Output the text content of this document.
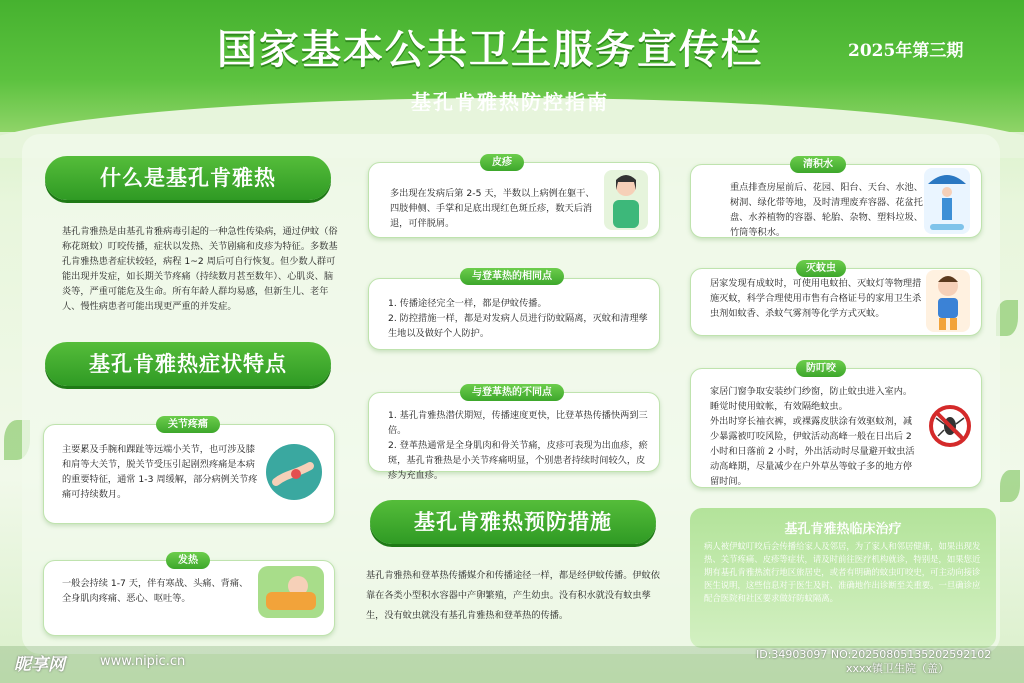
国家基本公共卫生服务宣传栏	2025年第三期
基孔肯雅热防控指南
什么是基孔肯雅热
基孔肯雅热是由基孔肯雅病毒引起的一种急性传染病，通过伊蚊（俗称花斑蚊）叮咬传播，症状以发热、关节剧痛和皮疹为特征。多数基孔肯雅热患者症状较轻，病程 1~2 周后可自行恢复。但少数人群可能出现并发症，如长期关节疼痛（持续数月甚至数年）、心肌炎、脑炎等，严重可能危及生命。所有年龄人群均易感，但新生儿、老年人、慢性病患者可能出现更严重的并发症。
基孔肯雅热症状特点
关节疼痛
主要累及手腕和踝趾等远端小关节，也可涉及膝和肩等大关节，脱关节受压引起剧烈疼痛是本病的重要特征，通常 1-3 周缓解，部分病例关节疼痛可持续数月。
发热
一般会持续 1-7 天，伴有寒战、头痛、背痛、全身肌肉疼痛、恶心、呕吐等。
皮疹
多出现在发病后第 2-5 天，半数以上病例在躯干、四肢伸侧、手掌和足底出现红色斑丘疹，数天后消退，可伴脱屑。
与登革热的相同点
1. 传播途径完全一样，都是伊蚊传播。
2. 防控措施一样，都是对发病人员进行防蚊隔离，灭蚊和清理孳生地以及做好个人防护。
与登革热的不同点
1. 基孔肯雅热潜伏期短，传播速度更快，比登革热传播快两到三倍。
2. 登革热通常是全身肌肉和骨关节痛，皮疹可表现为出血疹，瘀斑，基孔肯雅热是小关节疼痛明显，个别患者持续时间较久，皮疹为充血疹。
基孔肯雅热预防措施
基孔肯雅热和登革热传播媒介和传播途径一样，都是经伊蚊传播。伊蚊依靠在各类小型积水容器中产卵繁殖，产生幼虫。没有积水就没有蚊虫孳生，没有蚊虫就没有基孔肯雅热和登革热的传播。
清积水
重点排查房屋前后、花园、阳台、天台、水池、树洞、绿化带等地，及时清理废弃容器、花盆托盘、水养植物的容器、轮胎、杂物、塑料垃圾、竹筒等积水。
灭蚊虫
居家发现有成蚊时，可使用电蚊拍、灭蚊灯等物理措施灭蚊，科学合理使用市售有合格证号的家用卫生杀虫剂如蚊香、杀蚊气雾剂等化学方式灭蚊。
防叮咬
家居门窗争取安装纱门纱窗，防止蚊虫进入室内。
睡觉时使用蚊帐，有效隔绝蚊虫。
外出时穿长袖衣裤，或裸露皮肤涂有效驱蚊剂，减少暴露被叮咬风险，伊蚊活动高峰一般在日出后 2 小时和日落前 2 小时，外出活动时尽量避开蚊虫活动高峰期，尽量减少在户外草丛等蚊子多的地方停留时间。
基孔肯雅热临床治疗
病人被伊蚊叮咬后会传播给家人及邻居，为了家人和邻居健康，如果出现发热、关节疼痛、皮疹等症状，请及时前往医疗机构就诊，特别是，如果您近期有基孔肯雅热流行地区旅居史，或者有明确的蚊虫叮咬史，可主动向接诊医生说明，这些信息对于医生及时、准确地作出诊断至关重要。一旦确诊应配合医院和社区要求做好防蚊隔离。
昵享网	www.nipic.cn	ID:34903097 NO:20250805135202592102
xxxx镇卫生院（盖）
